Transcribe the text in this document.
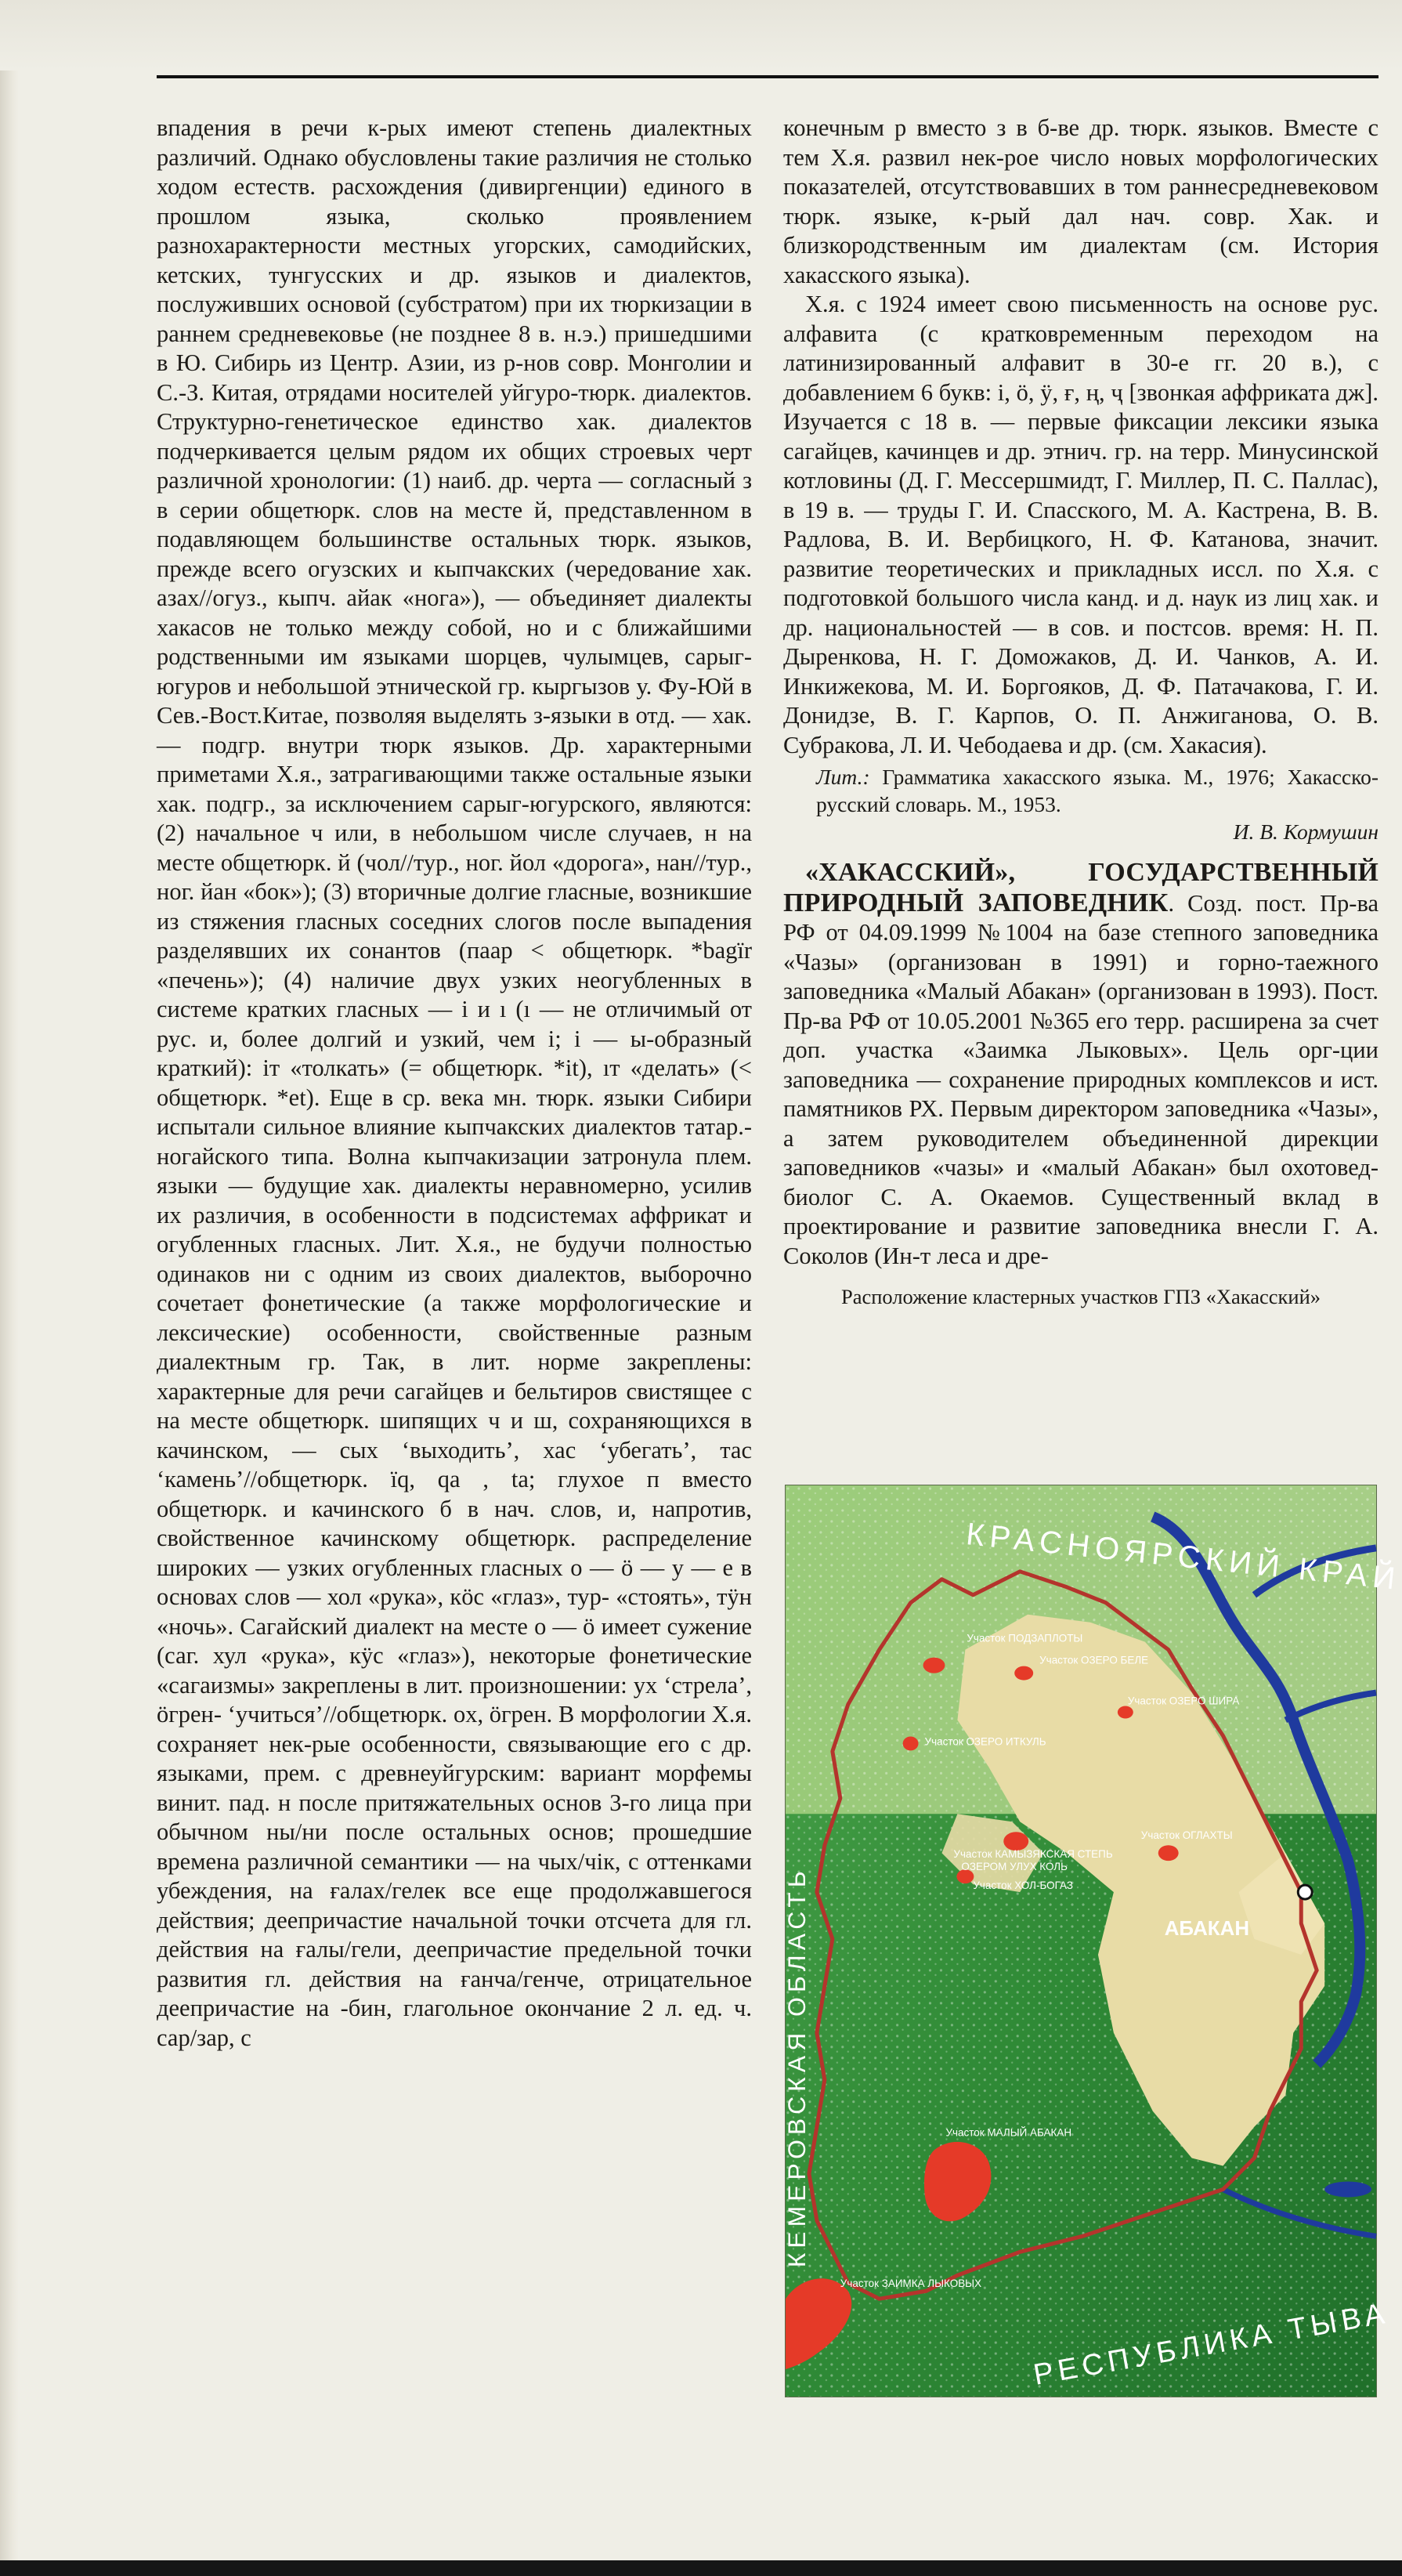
впадения в речи к-рых имеют степень диалектных различий. Однако обусловлены такие различия не столько ходом естеств. расхождения (дивиргенции) единого в прошлом языка, сколько проявлением разнохарактерности местных угорских, самодийских, кетских, тунгусских и др. языков и диалектов, послуживших основой (субстратом) при их тюркизации в раннем средневековье (не позднее 8 в. н.э.) пришедшими в Ю. Сибирь из Центр. Азии, из р-нов совр. Монголии и С.-З. Китая, отрядами носителей уйгуро-тюрк. диалектов. Структурно-генетическое единство хак. диалектов подчеркивается целым рядом их общих строевых черт различной хронологии: (1) наиб. др. черта — согласный з в серии общетюрк. слов на месте й, представленном в подавляющем большинстве остальных тюрк. языков, прежде всего огузских и кыпчакских (чередование хак. азах//огуз., кыпч. айак «нога»), — объединяет диалекты хакасов не только между собой, но и с ближайшими родственными им языками шорцев, чулымцев, сарыг-югуров и небольшой этнической гр. кыргызов у. Фу-Юй в Сев.-Вост.Китае, позволяя выделять з-языки в отд. — хак. — подгр. внутри тюрк языков. Др. характерными приметами Х.я., затрагивающими также остальные языки хак. подгр., за исключением сарыг-югурского, являются: (2) начальное ч или, в небольшом числе случаев, н на месте общетюрк. й (чол//тур., ног. йол «дорога», нан//тур., ног. йан «бок»); (3) вторичные долгие гласные, возникшие из стяжения гласных соседних слогов после выпадения разделявших их сонантов (паар < общетюрк. *bagïr «печень»); (4) наличие двух узких неогубленных в системе кратких гласных — і и ı (ı — не отличимый от рус. и, более долгий и узкий, чем і; і — ы-образный краткий): іт «толкать» (= общетюрк. *it), ıт «делать» (< общетюрк. *et). Еще в ср. века мн. тюрк. языки Сибири испытали сильное влияние кыпчакских диалектов татар.-ногайского типа. Волна кыпчакизации затронула плем. языки — будущие хак. диалекты неравномерно, усилив их различия, в особенности в подсистемах аффрикат и огубленных гласных. Лит. Х.я., не будучи полностью одинаков ни с одним из своих диалектов, выборочно сочетает фонетические (а также морфологические и лексические) особенности, свойственные разным диалектным гр. Так, в лит. норме закреплены: характерные для речи сагайцев и бельтиров свистящее с на месте общетюрк. шипящих ч и ш, сохраняющихся в качинском, — сых ‘выходить’, хас ‘убегать’, тас ‘камень’//общетюрк. їq, qa , ta; глухое п вместо общетюрк. и качинского б в нач. слов, и, напротив, свойственное качинскому общетюрк. распределение широких — узких огубленных гласных о — ö — у — е в основах слов — хол «рука», кöс «глаз», тур- «стоять», тӱн «ночь». Сагайский диалект на месте о — ö имеет сужение (саг. хул «рука», кӱс «глаз»), некоторые фонетические «сагаизмы» закреплены в лит. произношении: ух ‘стрела’, ӧгрен- ‘учиться’//общетюрк. ox, ӧгрен. В морфологии Х.я. сохраняет нек-рые особенности, связывающие его с др. языками, прем. с древнеуйгурским: вариант морфемы винит. пад. н после притяжательных основ 3-го лица при обычном ны/ни после остальных основ; прошедшие времена различной семантики — на чых/чік, с оттенками убеждения, на ғалах/гелек все еще продолжавшегося действия; деепричастие начальной точки отсчета для гл. действия на ғалы/гели, деепричастие предельной точки развития гл. действия на ғанча/генче, отрицательное деепричастие на -бин, глагольное окончание 2 л. ед. ч. сар/зар, с

конечным р вместо з в б-ве др. тюрк. языков. Вместе с тем Х.я. развил нек-рое число новых морфологических показателей, отсутствовавших в том раннесредневековом тюрк. языке, к-рый дал нач. совр. Хак. и близкородственным им диалектам (см. История хакасского языка).

Х.я. с 1924 имеет свою письменность на основе рус. алфавита (с кратковременным переходом на латинизированный алфавит в 30-е гг. 20 в.), с добавлением 6 букв: і, ö, ÿ, ғ, ң, ҷ [звонкая аффриката дж]. Изучается с 18 в. — первые фиксации лексики языка сагайцев, качинцев и др. этнич. гр. на терр. Минусинской котловины (Д. Г. Мессершмидт, Г. Миллер, П. С. Паллас), в 19 в. — труды Г. И. Спасского, М. А. Кастрена, В. В. Радлова, В. И. Вербицкого, Н. Ф. Катанова, значит. развитие теоретических и прикладных иссл. по Х.я. с подготовкой большого числа канд. и д. наук из лиц хак. и др. национальностей — в сов. и постсов. время: Н. П. Дыренкова, Н. Г. Доможаков, Д. И. Чанков, А. И. Инкижекова, М. И. Боргояков, Д. Ф. Патачакова, Г. И. Донидзе, В. Г. Карпов, О. П. Анжиганова, О. В. Субракова, Л. И. Чебодаева и др. (см. Хакасия).

Лит.: Грамматика хакасского языка. М., 1976; Хакасско-русский словарь. М., 1953.

И. В. Кормушин

«ХАКАССКИЙ», ГОСУДАРСТВЕННЫЙ ПРИРОДНЫЙ ЗАПОВЕДНИК. Созд. пост. Пр-ва РФ от 04.09.1999 №1004 на базе степного заповедника «Чазы» (организован в 1991) и горно-таежного заповедника «Малый Абакан» (организован в 1993). Пост. Пр-ва РФ от 10.05.2001 №365 его терр. расширена за счет доп. участка «Заимка Лыковых». Цель орг-ции заповедника — сохранение природных комплексов и ист. памятников РХ. Первым директором заповедника «Чазы», а затем руководителем объединенной дирекции заповедников «чазы» и «малый Абакан» был охотовед-биолог С. А. Окаемов. Существенный вклад в проектирование и развитие заповедника внесли Г. А. Соколов (Ин-т леса и дре-

Расположение кластерных участков ГПЗ «Хакасский»

КРАСНОЯРСКИЙ КРАЙ
КЕМЕРОВСКАЯ ОБЛАСТЬ
РЕСПУБЛИКА ТЫВА
АБАКАН
Участок ПОДЗАПЛОТЫ
Участок ОЗЕРО БЕЛЕ
Участок ОЗЕРО ШИРА
Участок ОЗЕРО ИТКУЛЬ
Участок ОГЛАХТЫ
Участок КАМЫЗЯКСКАЯ СТЕПЬ
ОЗЕРОМ УЛУХ КОЛЬ
Участок ХОЛ-БОГАЗ
Участок МАЛЫЙ АБАКАН
Участок ЗАИМКА ЛЫКОВЫХ
